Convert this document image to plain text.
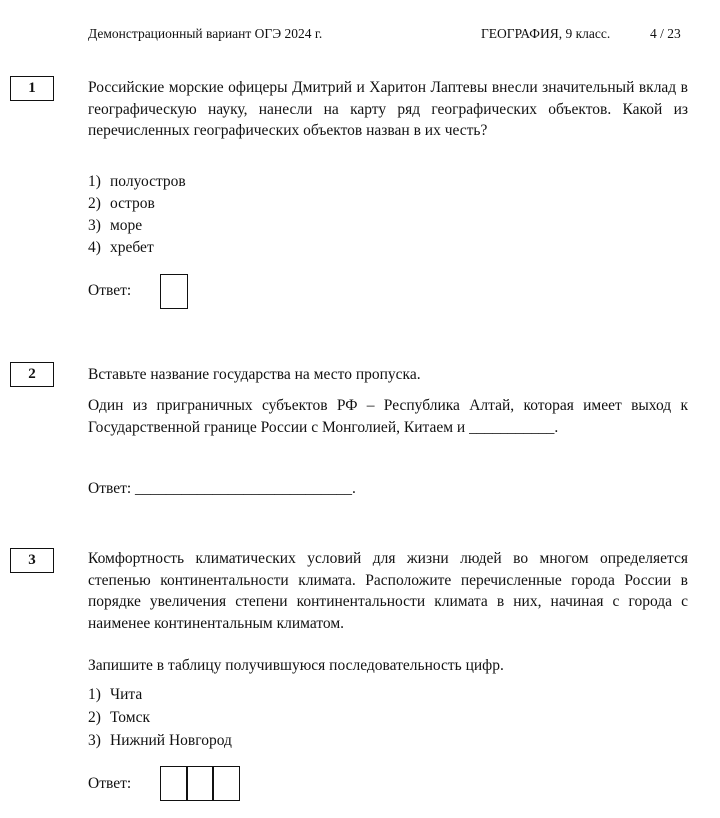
Демонстрационный вариант ОГЭ 2024 г.	ГЕОГРАФИЯ, 9 класс.	4 / 23
1	Российские морские офицеры Дмитрий и Харитон Лаптевы внесли значительный вклад в географическую науку, нанесли на карту ряд географических объектов. Какой из перечисленных географических объектов назван в их честь?

1) полуостров
2) остров
3) море
4) хребет
Ответ:
2	Вставьте название государства на место пропуска.

Один из приграничных субъектов РФ – Республика Алтай, которая имеет выход к Государственной границе России с Монголией, Китаем и ___________.

Ответ: ____________________________.
3	Комфортность климатических условий для жизни людей во многом определяется степенью континентальности климата. Расположите перечисленные города России в порядке увеличения степени континентальности климата в них, начиная с города с наименее континентальным климатом.

Запишите в таблицу получившуюся последовательность цифр.

1) Чита
2) Томск
3) Нижний Новгород
Ответ:
